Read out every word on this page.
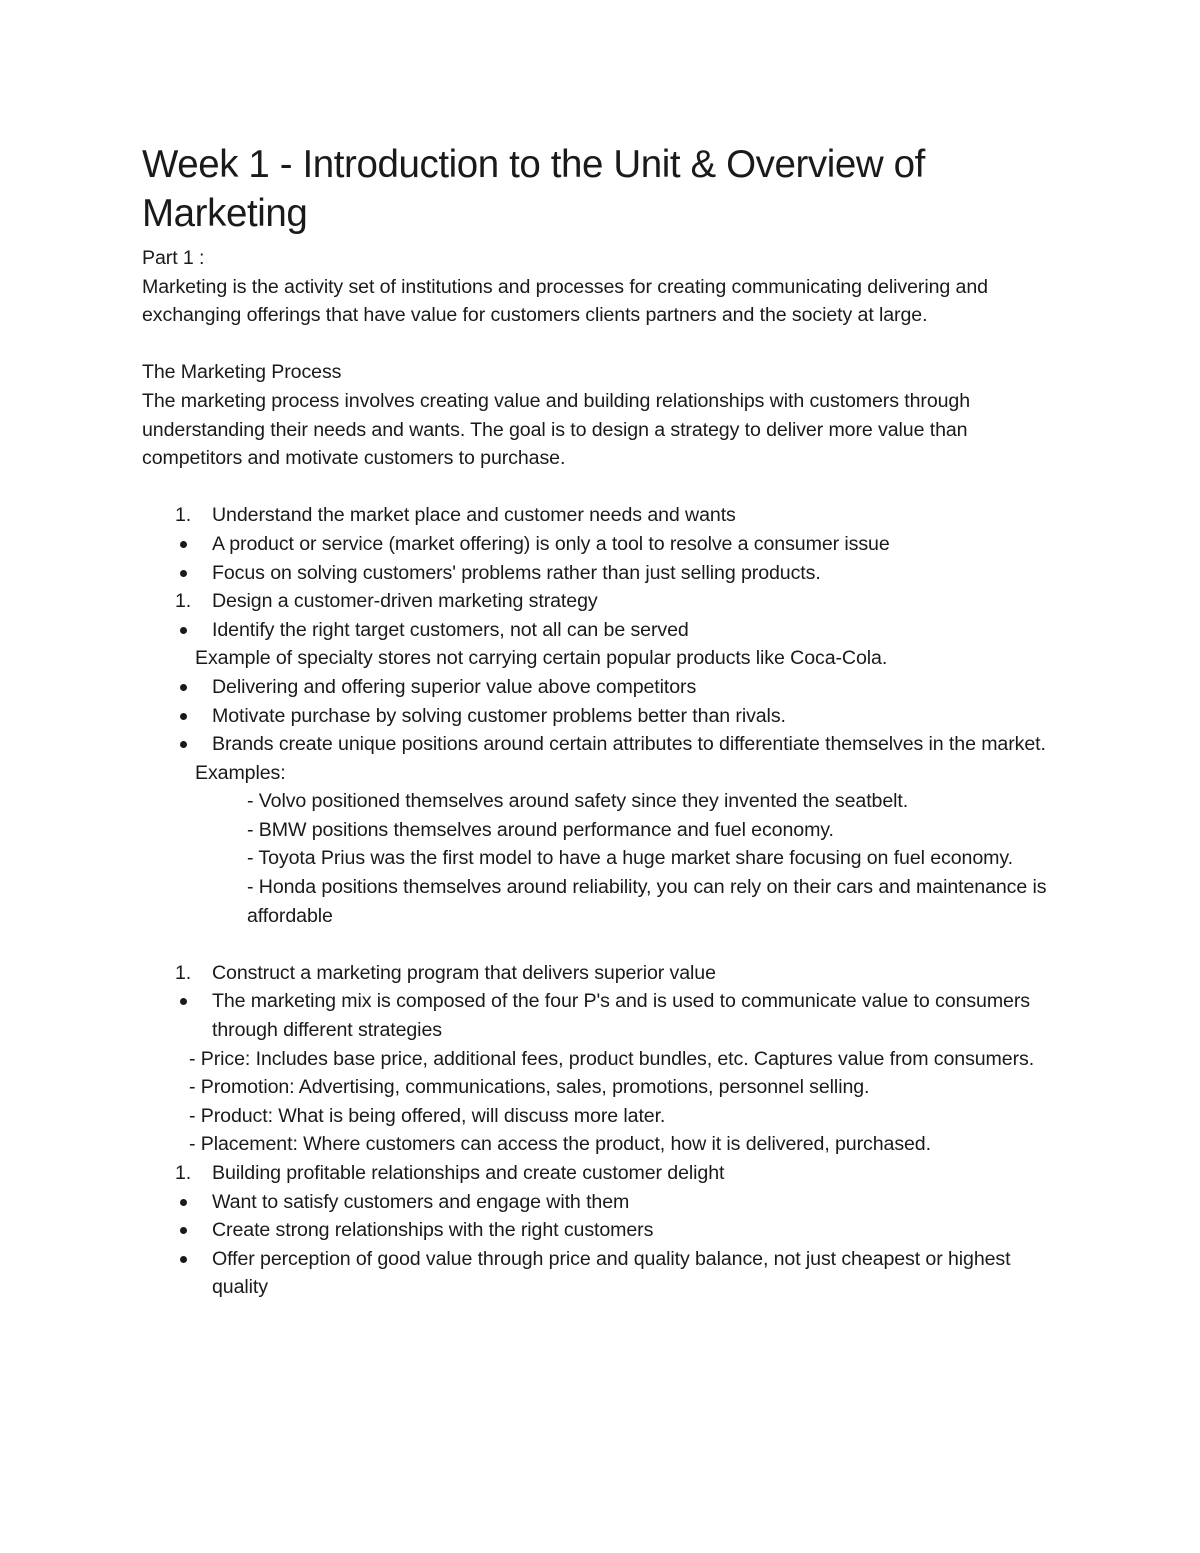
Week 1 - Introduction to the Unit & Overview of Marketing

Part 1 :

Marketing is the activity set of institutions and processes for creating communicating delivering and exchanging offerings that have value for customers clients partners and the society at large.

The Marketing Process

The marketing process involves creating value and building relationships with customers through understanding their needs and wants. The goal is to design a strategy to deliver more value than competitors and motivate customers to purchase.

1.	Understand the market place and customer needs and wants
A product or service (market offering) is only a tool to resolve a consumer issue
Focus on solving customers' problems rather than just selling products.
1.	Design a customer-driven marketing strategy
Identify the right target customers, not all can be served

Example of specialty stores not carrying certain popular products like Coca-Cola.

Delivering and offering superior value above competitors
Motivate purchase by solving customer problems better than rivals.
Brands create unique positions around certain attributes to differentiate themselves in the market.

Examples:

- Volvo positioned themselves around safety since they invented the seatbelt.

- BMW positions themselves around performance and fuel economy.

- Toyota Prius was the first model to have a huge market share focusing on fuel economy.

- Honda positions themselves around reliability, you can rely on their cars and maintenance is affordable

1.	Construct a marketing program that delivers superior value
The marketing mix is composed of the four P's and is used to communicate value to consumers through different strategies

- Price: Includes base price, additional fees, product bundles, etc. Captures value from consumers.

- Promotion: Advertising, communications, sales, promotions, personnel selling.

- Product: What is being offered, will discuss more later.

- Placement: Where customers can access the product, how it is delivered, purchased.

1.	Building profitable relationships and create customer delight
Want to satisfy customers and engage with them
Create strong relationships with the right customers
Offer perception of good value through price and quality balance, not just cheapest or highest quality
